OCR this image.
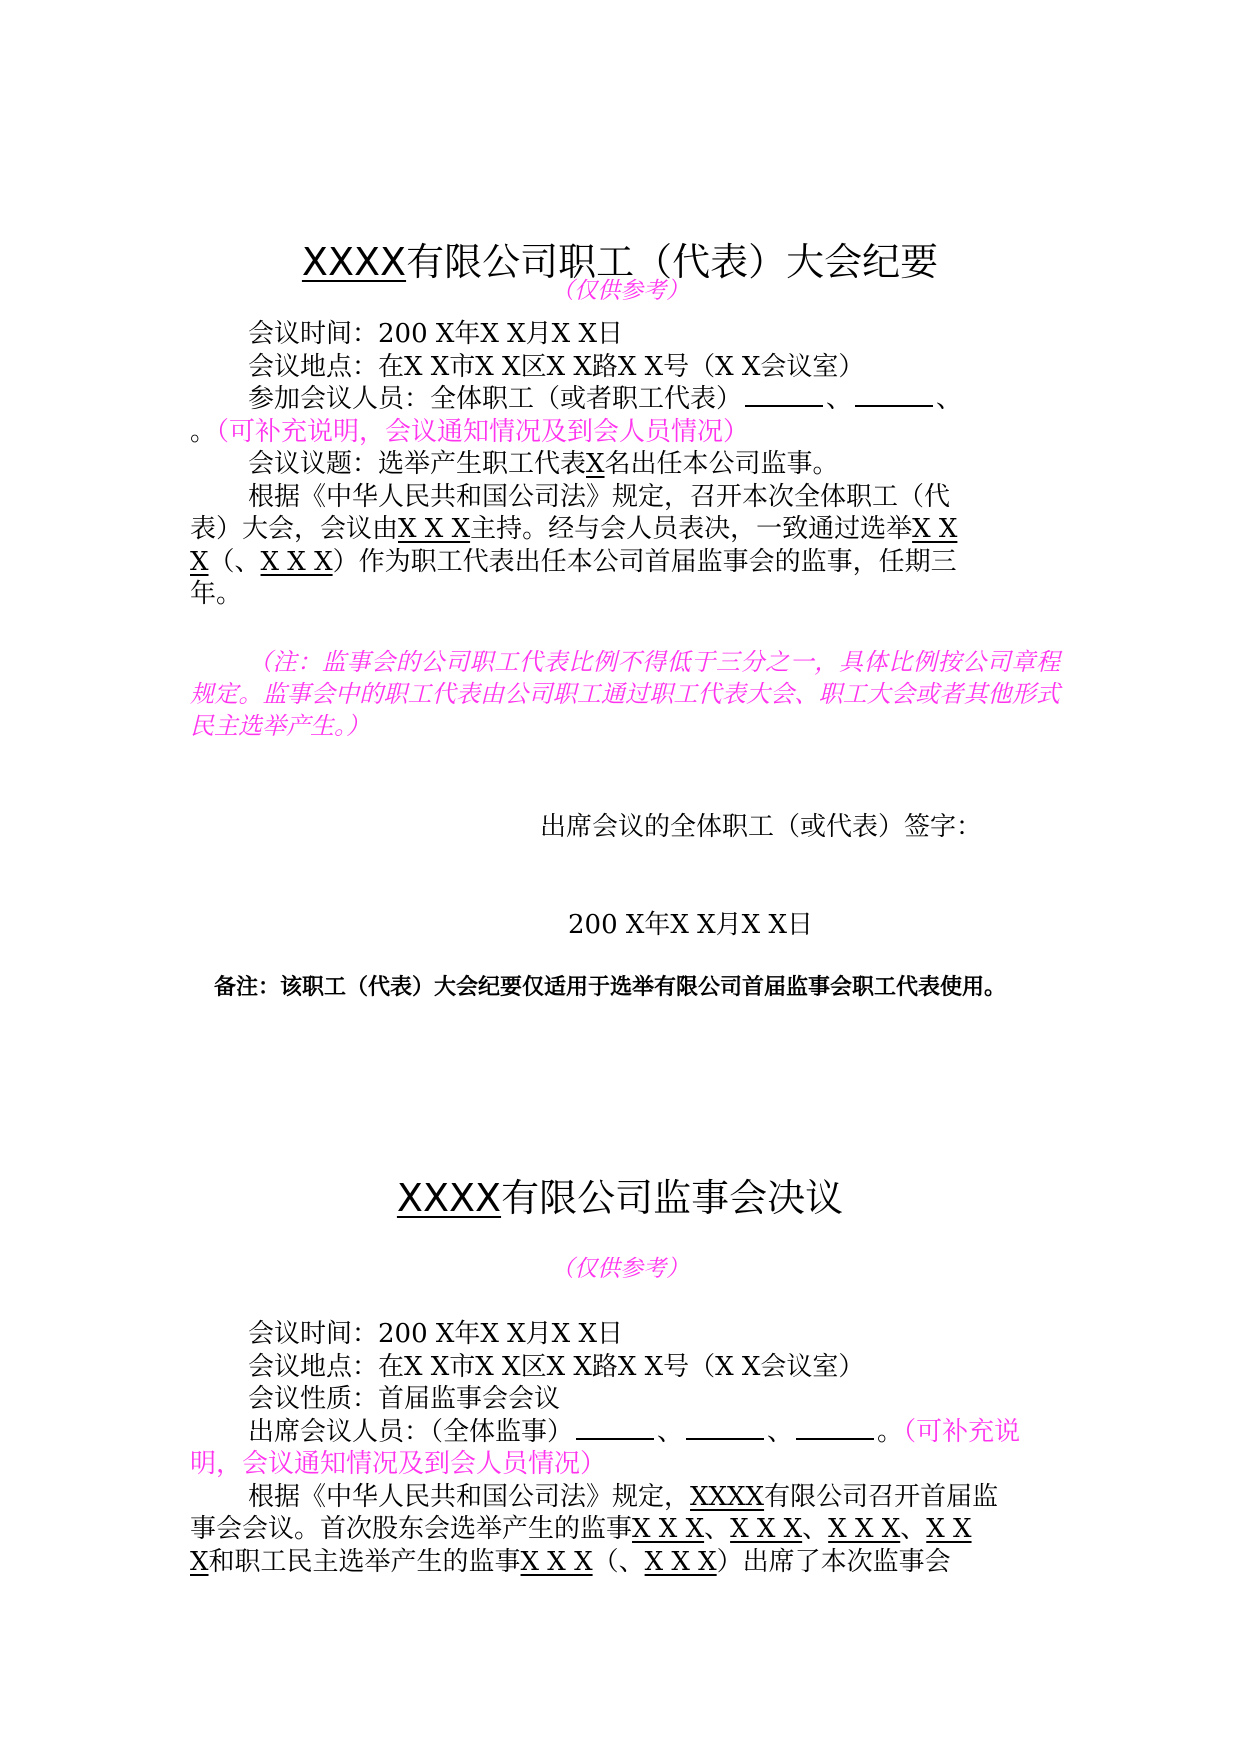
XXXX有限公司职工（代表）大会纪要
（仅供参考）
会议时间：200 X年X X月X X日
会议地点：在X X市X X区X X路X X号（X X会议室）
参加会议人员：全体职工（或者职工代表）	、	、
。（可补充说明，会议通知情况及到会人员情况）
会议议题：选举产生职工代表X名出任本公司监事。
根据《中华人民共和国公司法》规定，召开本次全体职工（代
表）大会，会议由X X X主持。经与会人员表决，一致通过选举X X
X（、X X X）作为职工代表出任本公司首届监事会的监事，任期三
年。
（注：监事会的公司职工代表比例不得低于三分之一，具体比例按公司章程规定。监事会中的职工代表由公司职工通过职工代表大会、职工大会或者其他形式民主选举产生。）
出席会议的全体职工（或代表）签字：
200 X年X X月X X日
备注：该职工（代表）大会纪要仅适用于选举有限公司首届监事会职工代表使用。
XXXX有限公司监事会决议
（仅供参考）
会议时间：200 X年X X月X X日
会议地点：在X X市X X区X X路X X号（X X会议室）
会议性质：首届监事会会议
出席会议人员：（全体监事）	、	、	。（可补充说
明，会议通知情况及到会人员情况）
根据《中华人民共和国公司法》规定，XXXX有限公司召开首届监
事会会议。首次股东会选举产生的监事X X X、X X X、X X X、X X
X和职工民主选举产生的监事X X X（、X X X）出席了本次监事会
